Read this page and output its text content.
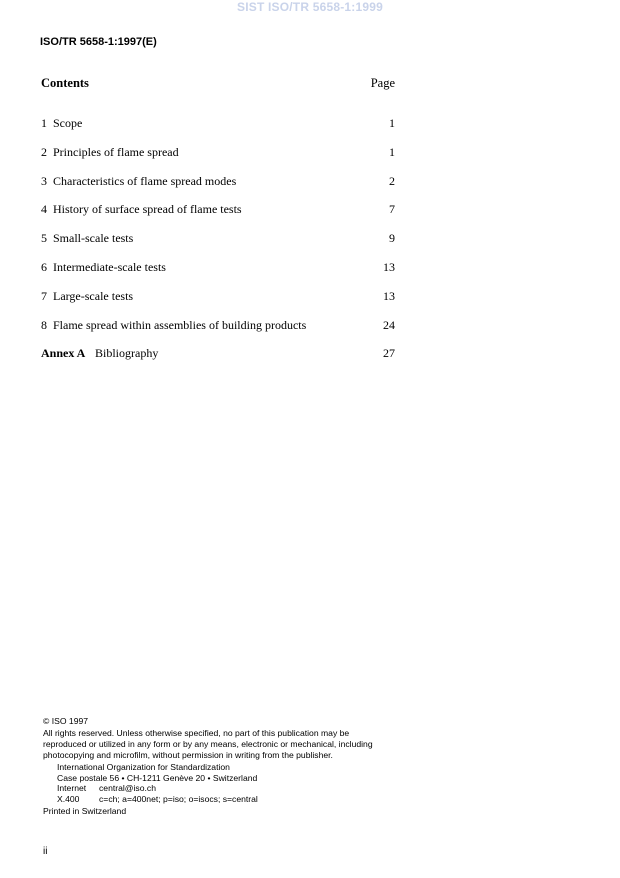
SIST ISO/TR 5658-1:1999
ISO/TR 5658-1:1997(E)
Contents	Page
1 Scope	1
2 Principles of flame spread	1
3 Characteristics of flame spread modes	2
4 History of surface spread of flame tests	7
5 Small-scale tests	9
6 Intermediate-scale tests	13
7 Large-scale tests	13
8 Flame spread within assemblies of building products	24
Annex A Bibliography	27

© ISO 1997

All rights reserved. Unless otherwise specified, no part of this publication may be reproduced or utilized in any form or by any means, electronic or mechanical, including photocopying and microfilm, without permission in writing from the publisher.

International Organization for Standardization
Case postale 56 • CH-1211 Genève 20 • Switzerland
Internet central@iso.ch
X.400 c=ch; a=400net; p=iso; o=isocs; s=central

Printed in Switzerland

ii
